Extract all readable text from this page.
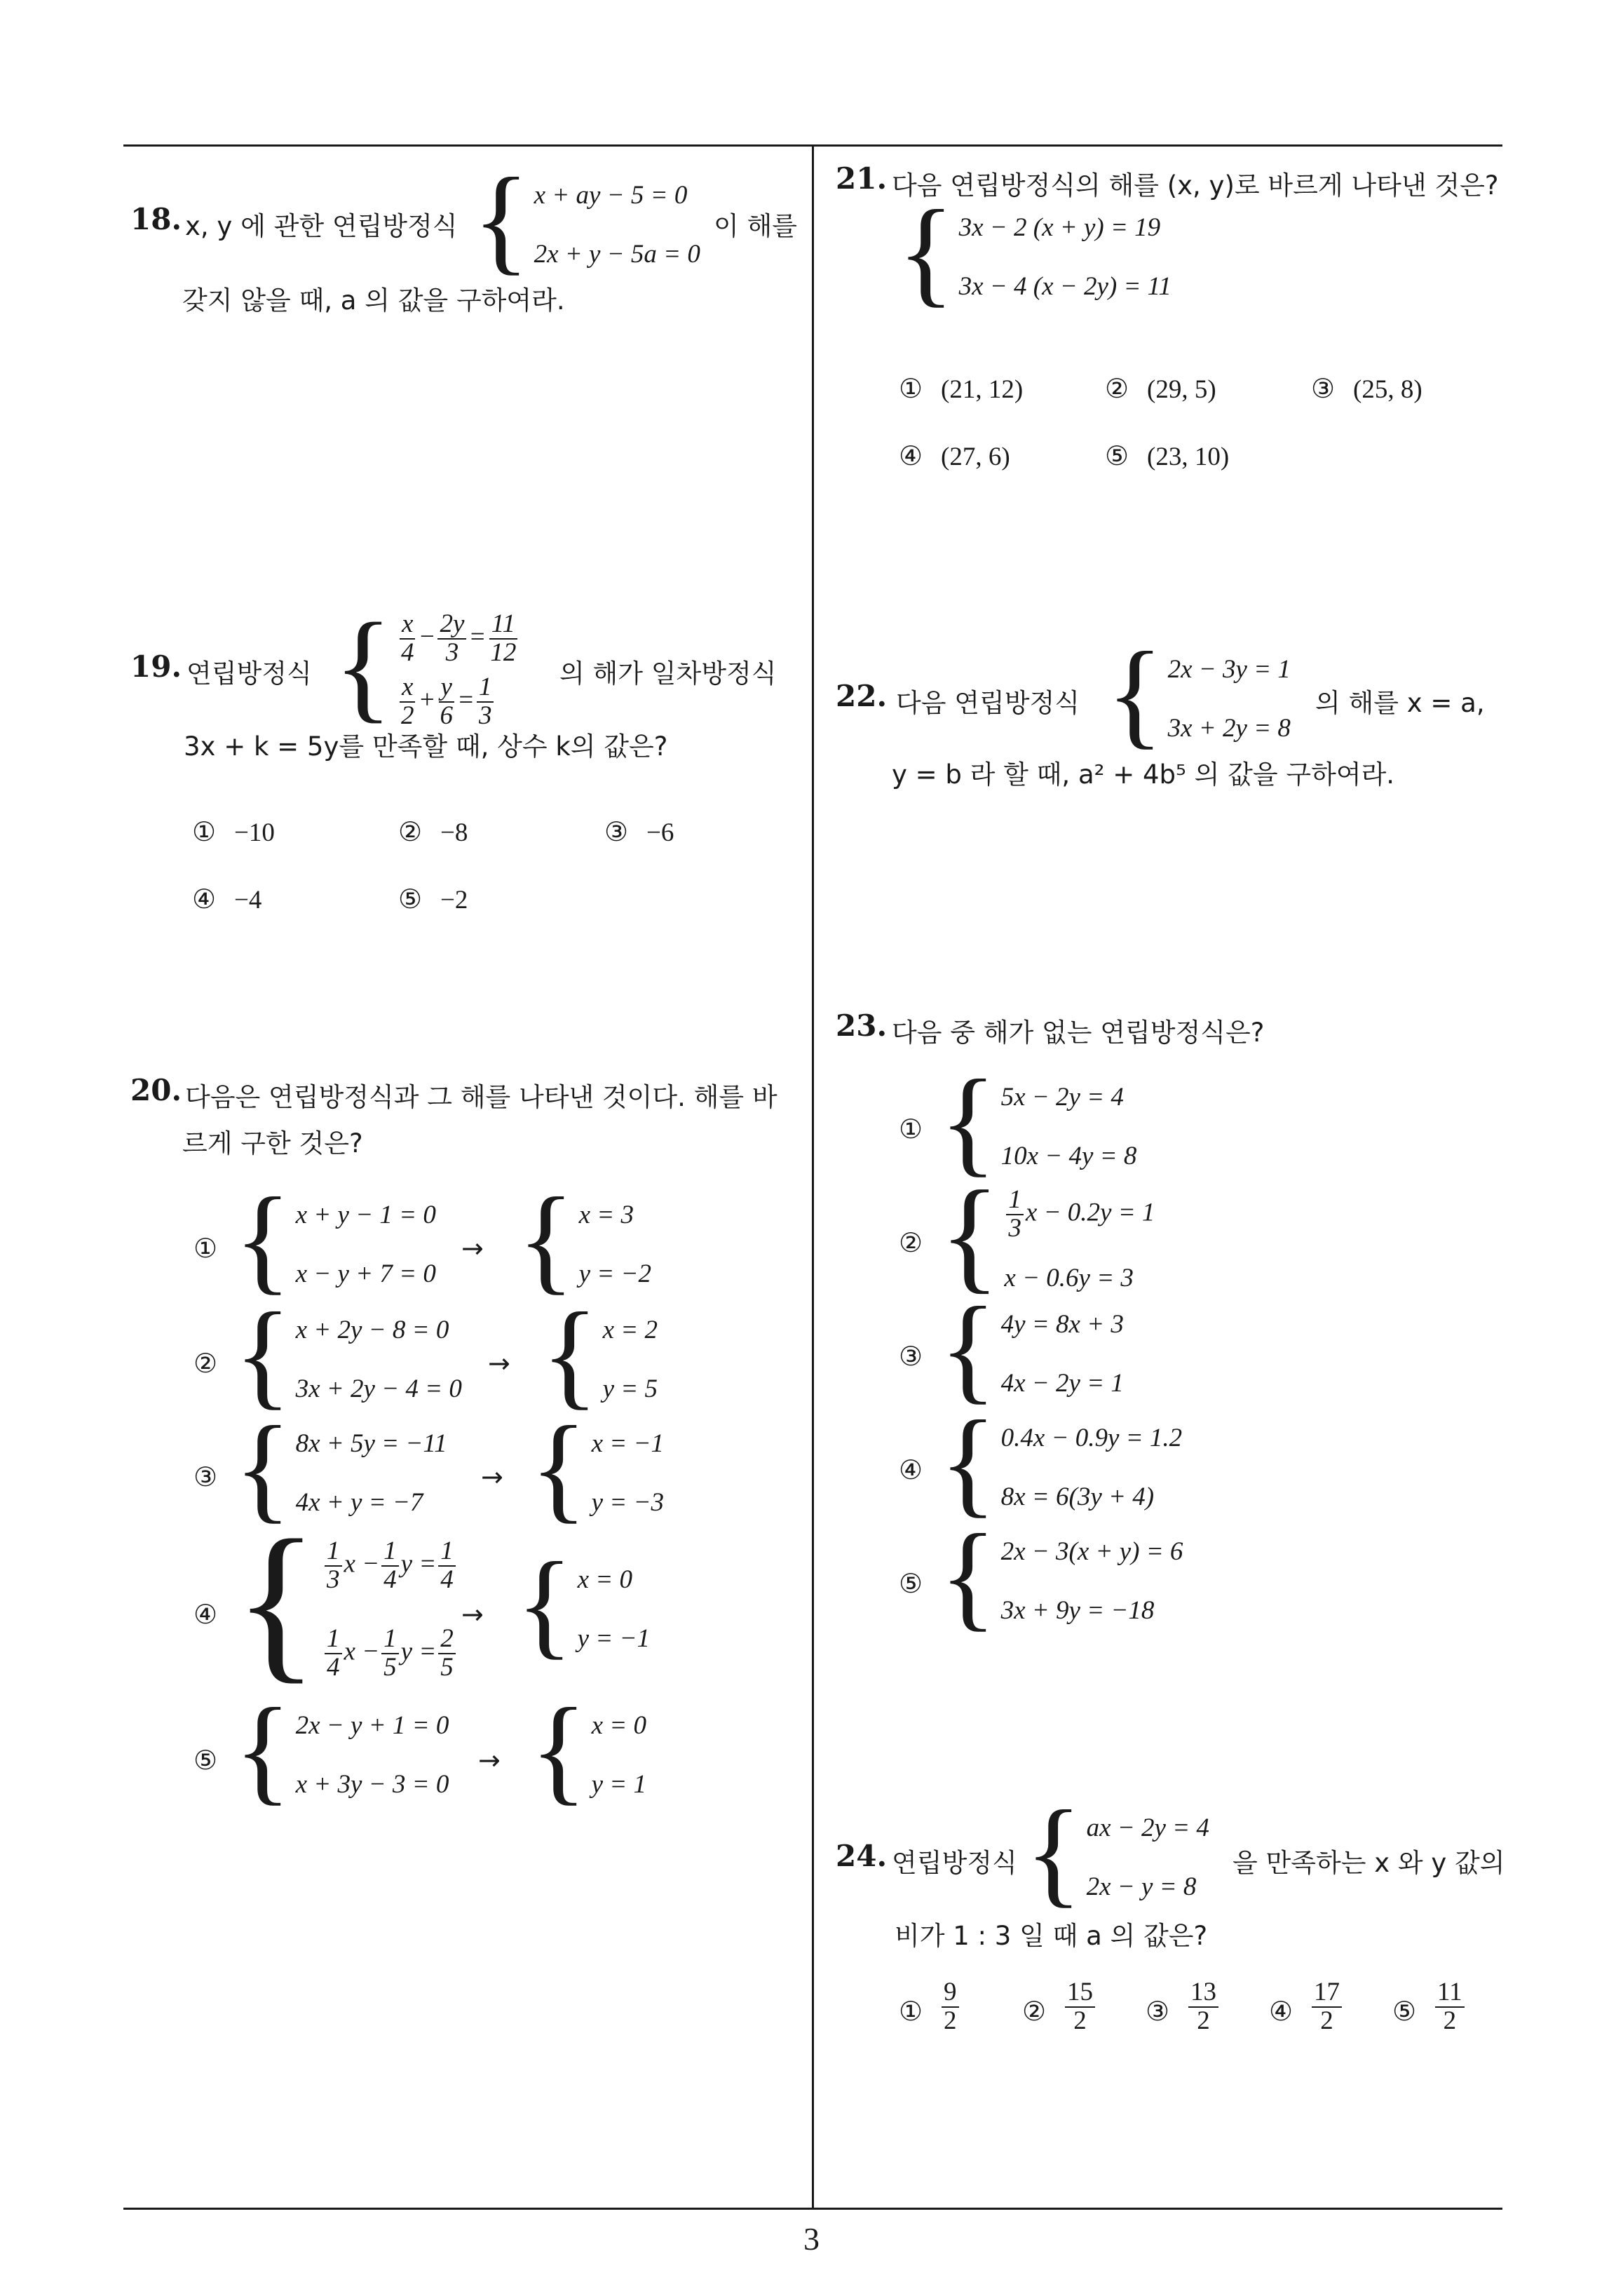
3
18. x, y 에 관한 연립방정식 { x + ay − 5 = 0
2x + y − 5a = 0
이 해를
갖지 않을 때, a 의 값을 구하여라.
19. 연립방정식 { $\frac{x}{4} - \frac{2y}{3} = \frac{11}{12}$
$\frac{x}{2} + \frac{y}{6} = \frac{1}{3}$
의 해가 일차방정식
3x + k = 5y를 만족할 때, 상수 k의 값은?
① −10	② −8	③ −6
④ −4	⑤ −2
20. 다음은 연립방정식과 그 해를 나타낸 것이다. 해를 바
르게 구한 것은?
① { x + y − 1 = 0
x − y + 7 = 0
→ { x = 3
y = −2
② { x + 2y − 8 = 0
3x + 2y − 4 = 0
→ { x = 2
y = 5
③ { 8x + 5y = −11
4x + y = −7
→ { x = −1
y = −3
④ { $\frac{1}{3}$ $x - \frac{1}{4}$ $y = \frac{1}{4}$
$\frac{1}{4}$ $x - \frac{1}{5}$ $y = \frac{2}{5}$
→ { x = 0
y = −1
⑤ { 2x − y + 1 = 0
x + 3y − 3 = 0
→ { x = 0
y = 1
21. 다음 연립방정식의 해를 (x, y)로 바르게 나타낸 것은?
{ 3x − 2 (x + y) = 19
3x − 4 (x − 2y) = 11
① (21, 12)	② (29, 5)	③ (25, 8)
④ (27, 6)	⑤ (23, 10)
22. 다음 연립방정식 { 2x − 3y = 1
3x + 2y = 8
의 해를 x = a,
y = b 라 할 때, a² + 4b⁵ 의 값을 구하여라.
23. 다음 중 해가 없는 연립방정식은?
① { 5x − 2y = 4
10x − 4y = 8
② { $\frac{1}{3}$ x − 0.2y = 1
x − 0.6y = 3
③ { 4y = 8x + 3
4x − 2y = 1
④ { 0.4x − 0.9y = 1.2
8x = 6(3y + 4)
⑤ { 2x − 3(x + y) = 6
3x + 9y = −18
24. 연립방정식 { ax − 2y = 4
2x − y = 8
을 만족하는 x 와 y 값의
비가 1 : 3 일 때 a 의 값은?
① $\frac{9}{2}$ ② $\frac{15}{2}$ ③ $\frac{13}{2}$ ④ $\frac{17}{2}$ ⑤ $\frac{11}{2}$
